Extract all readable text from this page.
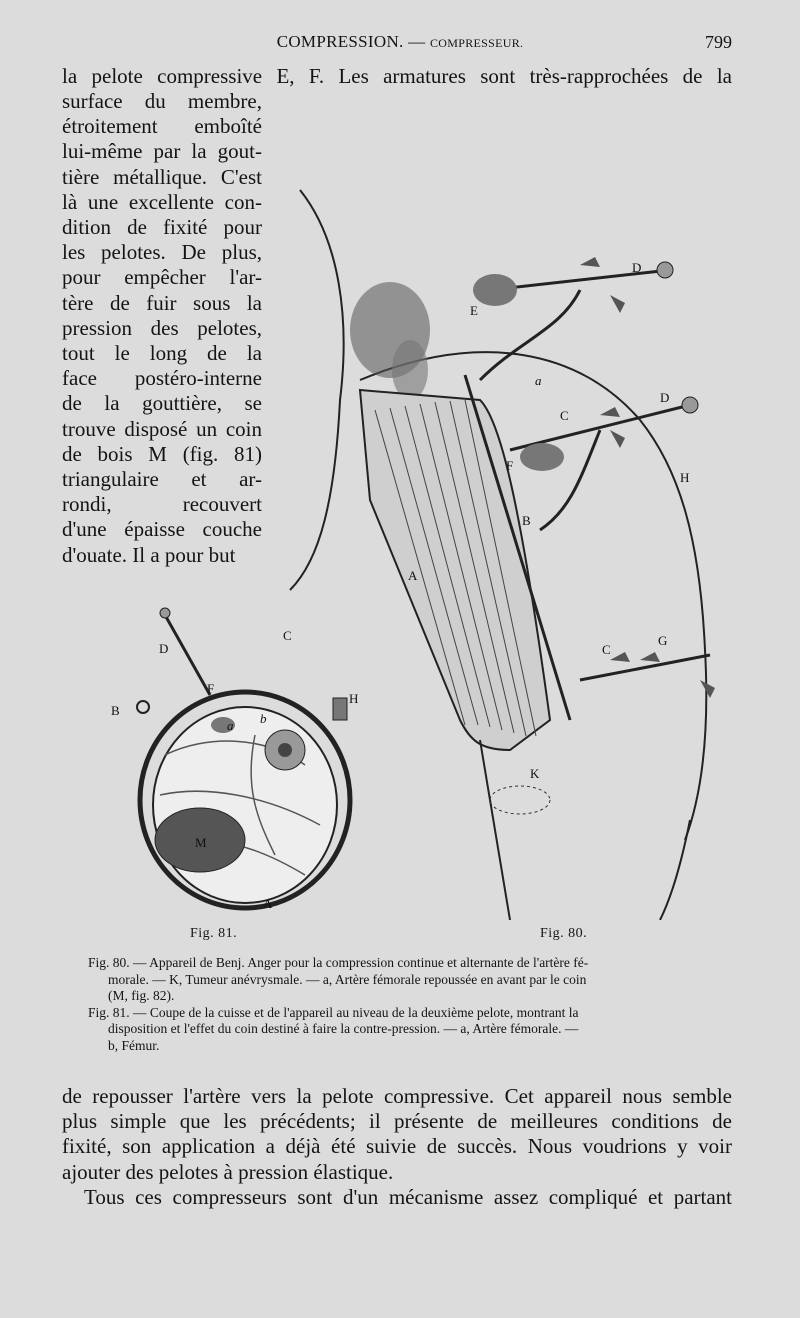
COMPRESSION. — COMPRESSEUR.	799
la pelote compressive E, F. Les armatures sont très-rapprochées de la
surface du membre,
étroitement emboîté
lui-même par la gout-
tière métallique. C'est
là une excellente con-
dition de fixité pour
les pelotes. De plus,
pour empêcher l'ar-
tère de fuir sous la
pression des pelotes,
tout le long de la
face postéro-interne
de la gouttière, se
trouve disposé un coin
de bois M (fig. 81)
triangulaire et ar-
rondi, recouvert
d'une épaisse couche
d'ouate. Il a pour but
D
E
a
C
D
F
H
B
A
C
G
K
D
C
F
B
H
a b
M
A
Fig. 81.	Fig. 80.
Fig. 80. — Appareil de Benj. Anger pour la compression continue et alternante de l'artère fé-
morale. — K, Tumeur anévrysmale. — a, Artère fémorale repoussée en avant par le coin
(M, fig. 82).
Fig. 81. — Coupe de la cuisse et de l'appareil au niveau de la deuxième pelote, montrant la
disposition et l'effet du coin destiné à faire la contre-pression. — a, Artère fémorale. —
b, Fémur.
de repousser l'artère vers la pelote compressive. Cet appareil nous semble
plus simple que les précédents; il présente de meilleures conditions de
fixité, son application a déjà été suivie de succès. Nous voudrions y voir
ajouter des pelotes à pression élastique.
Tous ces compresseurs sont d'un mécanisme assez compliqué et partant
